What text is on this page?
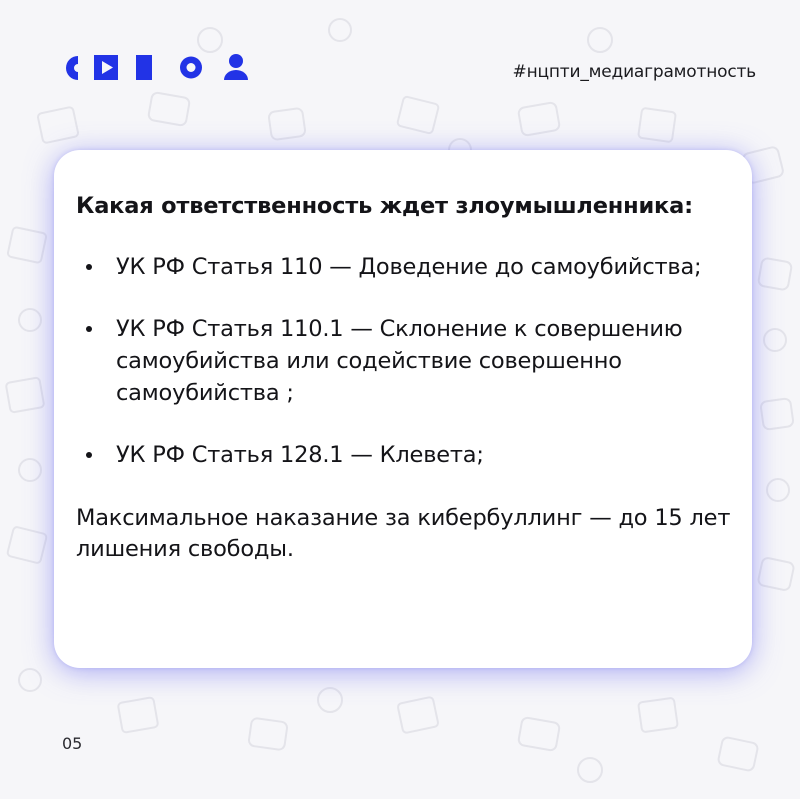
#нцпти_медиаграмотность
Какая ответственность ждет злоумышленника:
УК РФ Статья 110 — Доведение до самоубийства;
УК РФ Статья 110.1 — Склонение к совершению самоубийства или содействие совершенно самоубийства ;
УК РФ Статья 128.1 — Клевета;

Максимальное наказание за кибербуллинг — до 15 лет лишения свободы.

05
